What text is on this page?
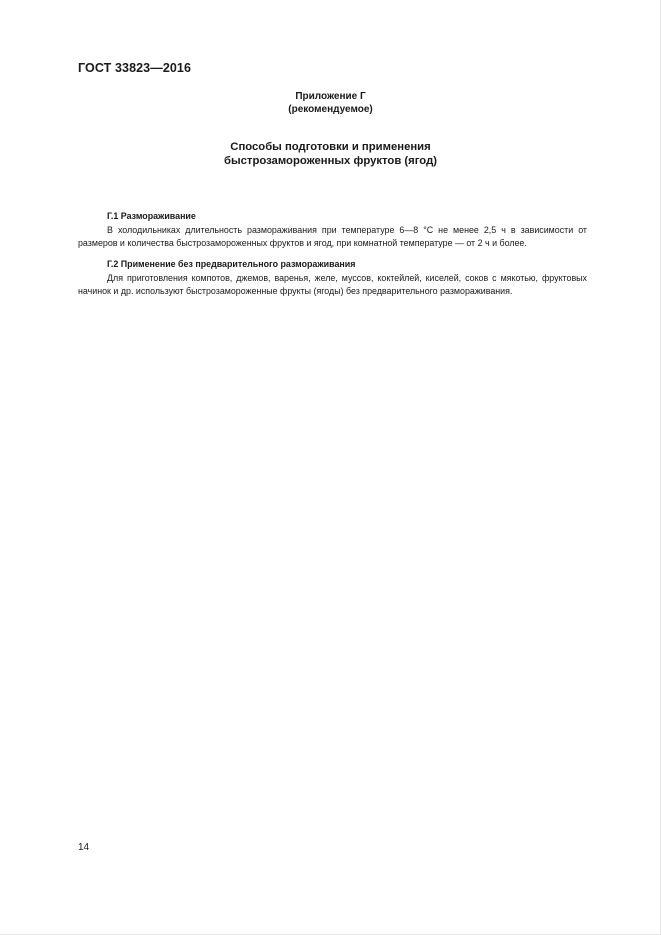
ГОСТ 33823—2016
Приложение Г
(рекомендуемое)
Способы подготовки и применения
быстрозамороженных фруктов (ягод)

Г.1 Размораживание

В холодильниках длительность размораживания при температуре 6—8 °С не менее 2,5 ч в зависимости от размеров и количества быстрозамороженных фруктов и ягод, при комнатной температуре — от 2 ч и более.

Г.2 Применение без предварительного размораживания

Для приготовления компотов, джемов, варенья, желе, муссов, коктейлей, киселей, соков с мякотью, фруктовых начинок и др. используют быстрозамороженные фрукты (ягоды) без предварительного размораживания.

14
